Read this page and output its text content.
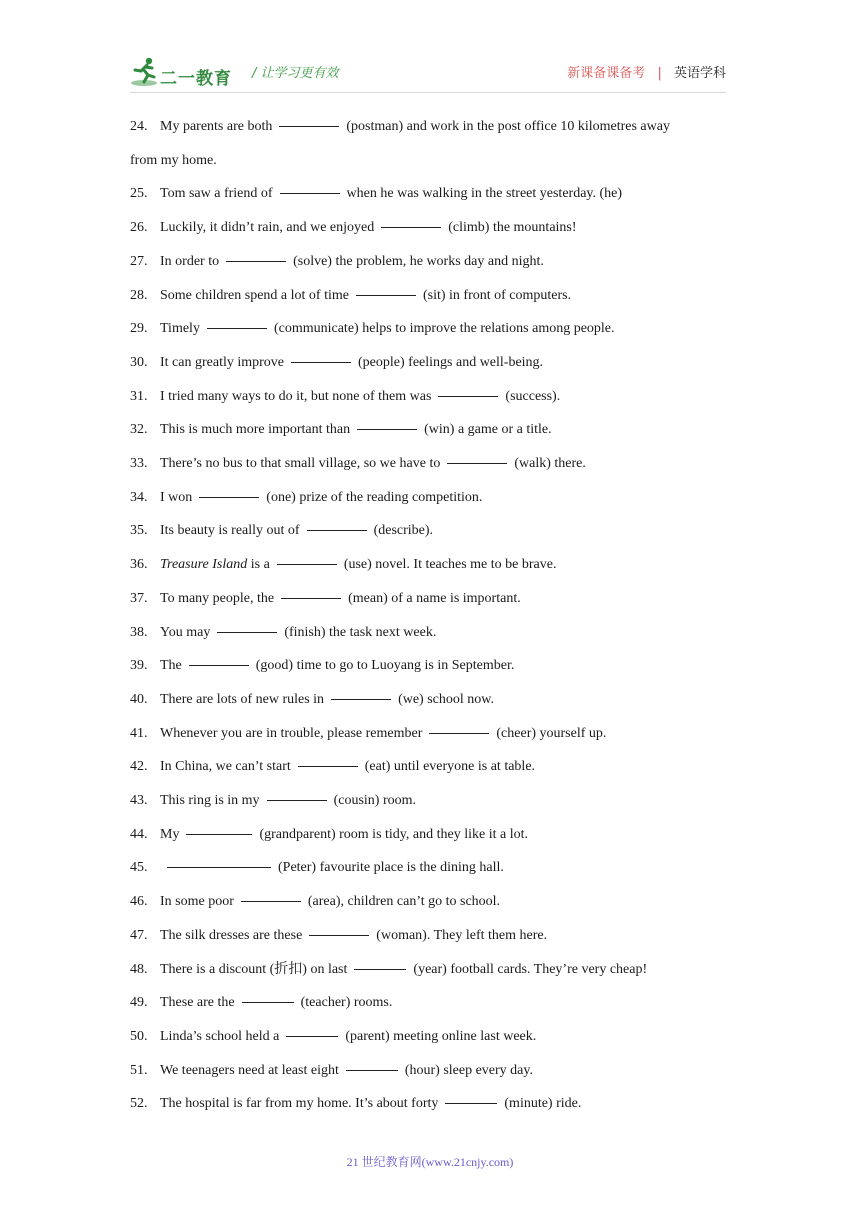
二一教育 / 让学习更有效	新课备课备考 | 英语学科
24. My parents are both	(postman) and work in the post office 10 kilometres away
from my home.
25. Tom saw a friend of	when he was walking in the street yesterday. (he)
26. Luckily, it didn’t rain, and we enjoyed	(climb) the mountains!
27. In order to	(solve) the problem, he works day and night.
28. Some children spend a lot of time	(sit) in front of computers.
29. Timely	(communicate) helps to improve the relations among people.
30. It can greatly improve	(people) feelings and well-being.
31. I tried many ways to do it, but none of them was	(success).
32. This is much more important than	(win) a game or a title.
33. There’s no bus to that small village, so we have to	(walk) there.
34. I won	(one) prize of the reading competition.
35. Its beauty is really out of	(describe).
36. Treasure Island is a	(use) novel. It teaches me to be brave.
37. To many people, the	(mean) of a name is important.
38. You may	(finish) the task next week.
39. The	(good) time to go to Luoyang is in September.
40. There are lots of new rules in	(we) school now.
41. Whenever you are in trouble, please remember	(cheer) yourself up.
42. In China, we can’t start	(eat) until everyone is at table.
43. This ring is in my	(cousin) room.
44. My	(grandparent) room is tidy, and they like it a lot.
45.	(Peter) favourite place is the dining hall.
46. In some poor	(area), children can’t go to school.
47. The silk dresses are these	(woman). They left them here.
48. There is a discount (折扣) on last	(year) football cards. They’re very cheap!
49. These are the	(teacher) rooms.
50. Linda’s school held a	(parent) meeting online last week.
51. We teenagers need at least eight	(hour) sleep every day.
52. The hospital is far from my home. It’s about forty	(minute) ride.
21 世纪教育网(www.21cnjy.com)
